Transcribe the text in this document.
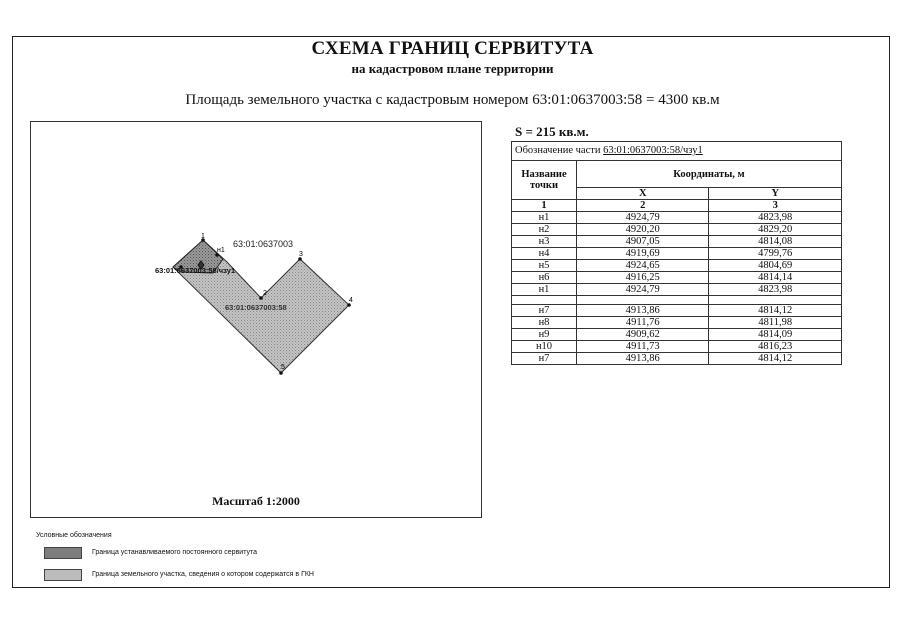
СХЕМА ГРАНИЦ СЕРВИТУТА
на кадастровом плане территории
Площадь земельного участка с кадастровым номером 63:01:0637003:58 = 4300 кв.м
1
2
3
4
5
н1
63:01:0637003
63:01:0637003:58
63:01:0637003:58/чзу1
Масштаб 1:2000
S = 215 кв.м.
Обозначение части 63:01:0637003:58/чзу1		
Название точки	Координаты, м	
	X	Y
1	2	3
н1	4924,79	4823,98
н2	4920,20	4829,20
н3	4907,05	4814,08
н4	4919,69	4799,76
н5	4924,65	4804,69
н6	4916,25	4814,14
н1	4924,79	4823,98

н7	4913,86	4814,12
н8	4911,76	4811,98
н9	4909,62	4814,09
н10	4911,73	4816,23
н7	4913,86	4814,12
Условные обозначения
Граница устанавливаемого постоянного сервитута
Граница земельного участка, сведения о котором содержатся в ГКН
